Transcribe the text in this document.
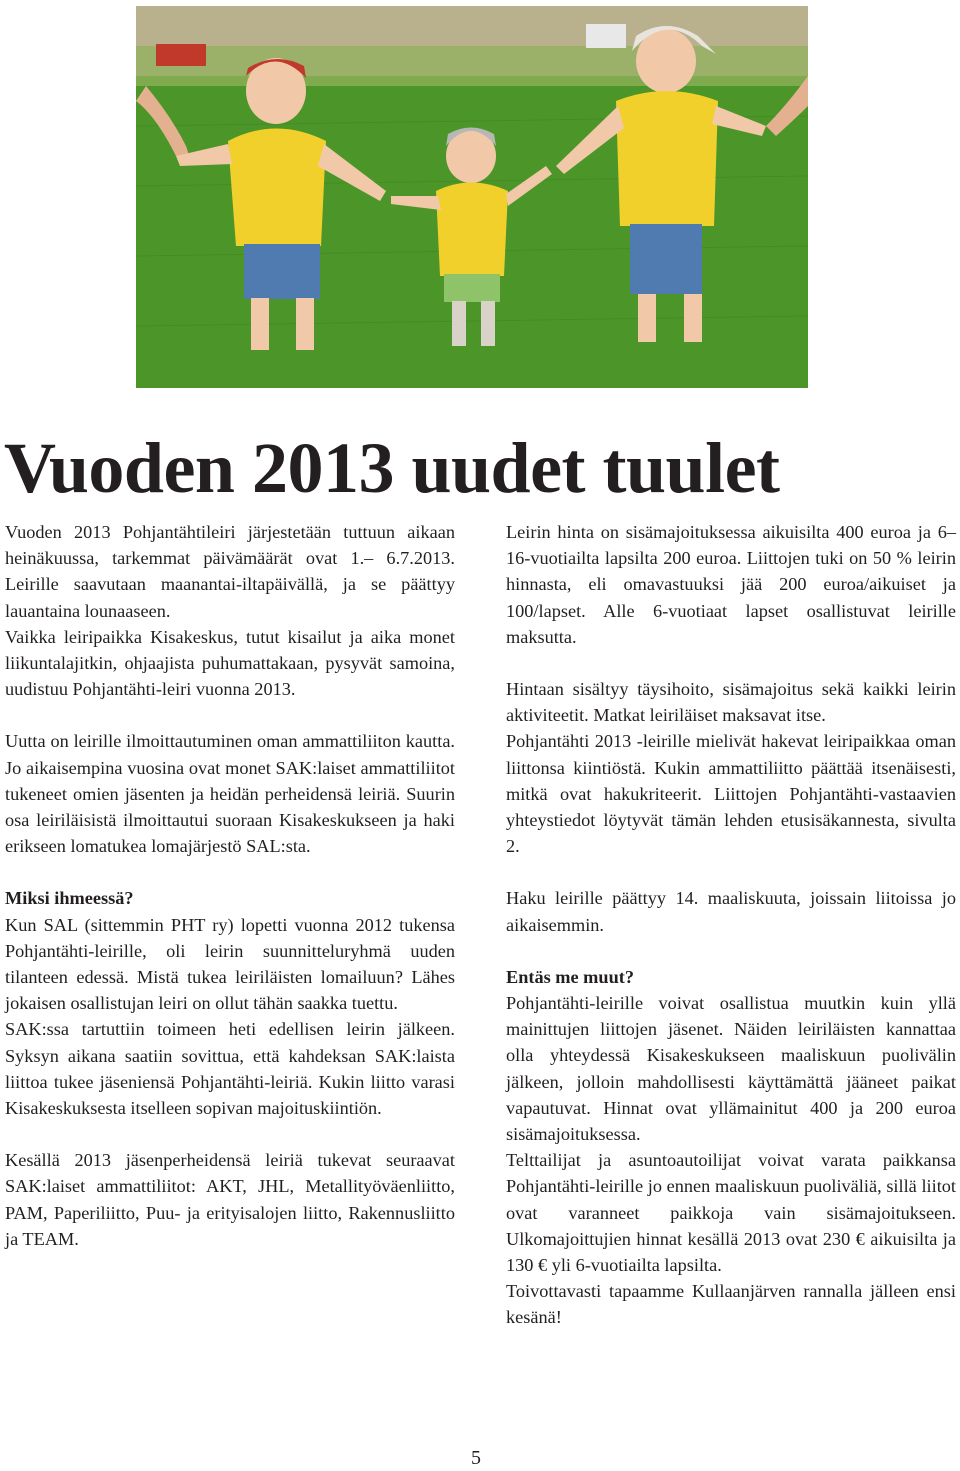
Vuoden 2013 uudet tuulet

Vuoden 2013 Pohjantähtileiri järjestetään tuttuun aikaan heinäkuussa, tarkemmat päivämäärät ovat 1.– 6.7.2013. Leirille saavutaan maanantai-iltapäivällä, ja se päättyy lauantaina lounaaseen.

Vaikka leiripaikka Kisakeskus, tutut kisailut ja aika monet liikuntalajitkin, ohjaajista puhumattakaan, pysyvät samoina, uudistuu Pohjantähti-leiri vuonna 2013.

Uutta on leirille ilmoittautuminen oman ammattiliiton kautta. Jo aikaisempina vuosina ovat monet SAK:laiset ammattiliitot tukeneet omien jäsenten ja heidän perheidensä leiriä. Suurin osa leiriläisistä ilmoittautui suoraan Kisakeskukseen ja haki erikseen lomatukea lomajärjestö SAL:sta.

Miksi ihmeessä?

Kun SAL (sittemmin PHT ry) lopetti vuonna 2012 tukensa Pohjantähti-leirille, oli leirin suunnitteluryhmä uuden tilanteen edessä. Mistä tukea leiriläisten lomailuun? Lähes jokaisen osallistujan leiri on ollut tähän saakka tuettu.

SAK:ssa tartuttiin toimeen heti edellisen leirin jälkeen. Syksyn aikana saatiin sovittua, että kahdeksan SAK:laista liittoa tukee jäseniensä Pohjantähti-leiriä. Kukin liitto varasi Kisakeskuksesta itselleen sopivan majoituskiintiön.

Kesällä 2013 jäsenperheidensä leiriä tukevat seuraavat SAK:laiset ammattiliitot: AKT, JHL, Metallityöväenliitto, PAM, Paperiliitto, Puu- ja erityisalojen liitto, Rakennusliitto ja TEAM.

Leirin hinta on sisämajoituksessa aikuisilta 400 euroa ja 6–16-vuotiailta lapsilta 200 euroa. Liittojen tuki on 50 % leirin hinnasta, eli omavastuuksi jää 200 euroa/aikuiset ja 100/lapset. Alle 6-vuotiaat lapset osallistuvat leirille maksutta.

Hintaan sisältyy täysihoito, sisämajoitus sekä kaikki leirin aktiviteetit. Matkat leiriläiset maksavat itse.

Pohjantähti 2013 -leirille mielivät hakevat leiripaikkaa oman liittonsa kiintiöstä. Kukin ammattiliitto päättää itsenäisesti, mitkä ovat hakukriteerit. Liittojen Pohjantähti-vastaavien yhteystiedot löytyvät tämän lehden etusisäkannesta, sivulta 2.

Haku leirille päättyy 14. maaliskuuta, joissain liitoissa jo aikaisemmin.

Entäs me muut?

Pohjantähti-leirille voivat osallistua muutkin kuin yllä mainittujen liittojen jäsenet. Näiden leiriläisten kannattaa olla yhteydessä Kisakeskukseen maaliskuun puolivälin jälkeen, jolloin mahdollisesti käyttämättä jääneet paikat vapautuvat. Hinnat ovat yllämainitut 400 ja 200 euroa sisämajoituksessa.

Telttailijat ja asuntoautoilijat voivat varata paikkansa Pohjantähti-leirille jo ennen maaliskuun puoliväliä, sillä liitot ovat varanneet paikkoja vain sisämajoitukseen. Ulkomajoittujien hinnat kesällä 2013 ovat 230 € aikuisilta ja 130 € yli 6-vuotiailta lapsilta.

Toivottavasti tapaamme Kullaanjärven rannalla jälleen ensi kesänä!

5
